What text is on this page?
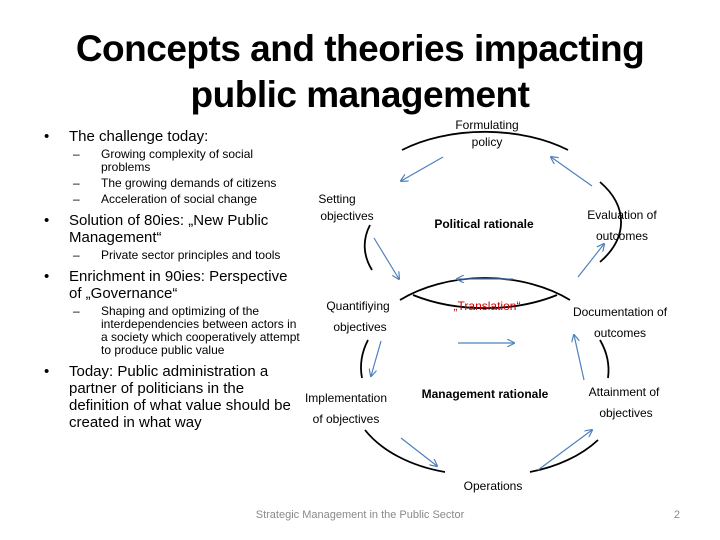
Concepts and theories impacting
public management
• The challenge today:
– Growing complexity of social problems
– The growing demands of citizens
– Acceleration of social change
• Solution of 80ies: „New Public Management“
– Private sector principles and tools
• Enrichment in 90ies: Perspective of „Governance“
– Shaping and optimizing of the interdependencies between actors in a society which cooperatively attempt to produce public value
• Today: Public administration a partner of politicians in the definition of what value should be created in what way
Formulating
policy
Setting
objectives	Evaluation of
outcomes
Political rationale
Quantifiying
objectives
„Translation“	Documentation of
outcomes
Implementation
of objectives
Management rationale	Attainment of
objectives
Operations
Strategic Management in the Public Sector	2
